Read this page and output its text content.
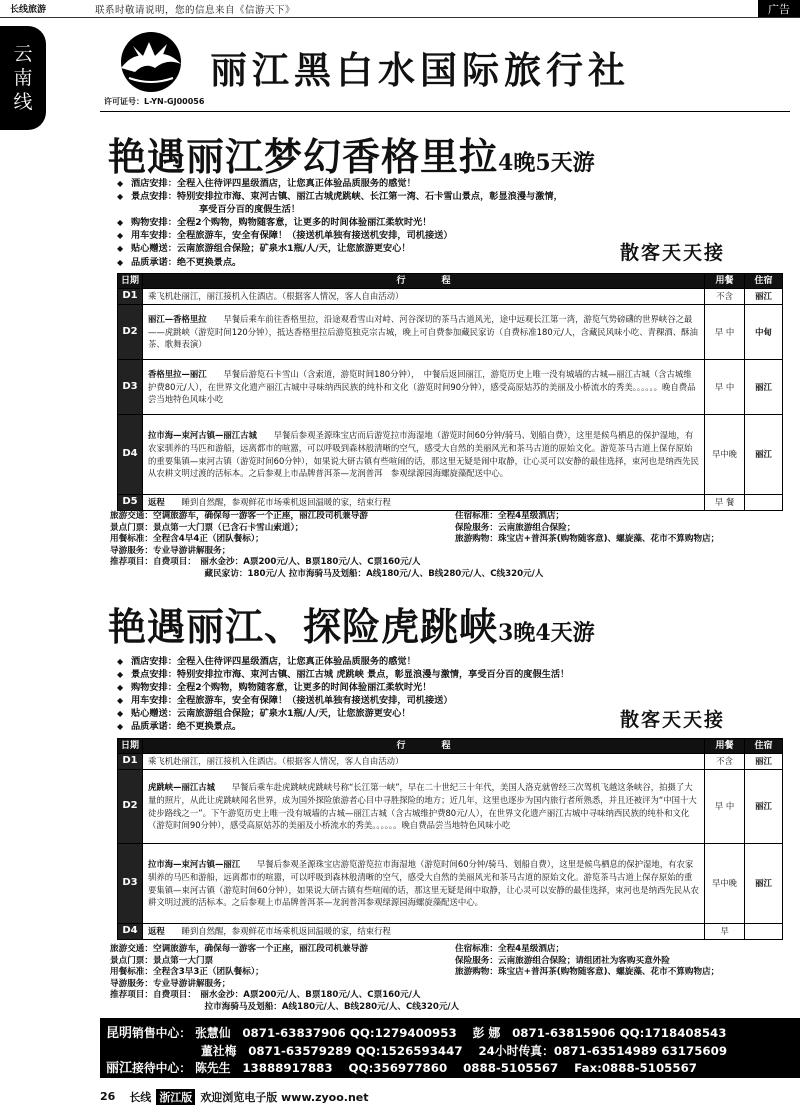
长线旅游	联系时敬请说明，您的信息来自《信游天下》	广告
云
南
线
丽江黑白水国际旅行社
许可证号：L-YN-GJ00056
艳遇丽江梦幻香格里拉4晚5天游
◆ 酒店安排：全程入住待评四星级酒店，让您真正体验品质服务的感觉！
◆ 景点安排：特别安排拉市海、束河古镇、丽江古城虎跳峡、长江第一湾、石卡雪山景点，彰显浪漫与激情，
享受百分百的度假生活！
◆ 购物安排：全程2个购物，购物随客意，让更多的时间体验丽江柔软时光！
◆ 用车安排：全程旅游车，安全有保障！（接送机单独有接送机安排，司机接送）
◆ 贴心赠送：云南旅游组合保险；矿泉水1瓶/人/天，让您旅游更安心！
◆ 品质承诺：绝不更换景点。	散客天天接
日期	行　　　　程	用餐	住宿
D1	乘飞机赴丽江，丽江接机入住酒店。（根据客人情况，客人自由活动）	不含	丽江
D2	丽江—香格里拉　　早餐后乘车前往香格里拉，沿途观看雪山对峙、河谷深切的茶马古道风光，途中远观长江第一湾，游览气势磅礴的世界峡谷之最——虎跳峡（游览时间120分钟），抵达香格里拉后游览独克宗古城，晚上可自费参加藏民家访（自费标准180元/人，含藏民风味小吃、青稞酒、酥油茶、歌舞表演）	早 中	中甸
D3	香格里拉—丽江　　早餐后游览石卡雪山（含索道，游览时间180分钟），　中餐后返回丽江，游览历史上唯一没有城墙的古城—丽江古城（含古城维护费80元/人），在世界文化遗产丽江古城中寻味纳西民族的纯朴和文化（游览时间90分钟），感受高原姑苏的美丽及小桥流水的秀美。。。。。。晚自费品尝当地特色风味小吃	早 中	丽江
D4	拉市海—束河古镇—丽江古城　　早餐后参观圣源珠宝店而后游览拉市海湿地（游览时间60分钟/骑马、划船自费），这里是候鸟栖息的保护湿地，有农家驯养的马匹和游船，远离都市的喧嚣，可以呼吸到森林般清晰的空气，感受大自然的美丽风光和茶马古道的原始文化。游览茶马古道上保存原始的重要集镇—束河古镇（游览时间60分钟），如果说大研古镇有些喧闹的话，那这里无疑是闹中取静，让心灵可以安静的最佳选择，束河也是纳西先民从农耕文明过渡的活标本。之后参观上市品牌普洱茶—龙润普洱　参观绿源园海螺旋藻配送中心。	早中晚	丽江
D5	返程　　睡到自然醒，参观鲜花市场乘机返回温暖的家，结束行程	早 餐	
旅游交通：空调旅游车，确保每一游客一个正座，丽江段司机兼导游	住宿标准：全程4星级酒店；
景点门票：景点第一大门票（已含石卡雪山索道）；	保险服务：云南旅游组合保险；
用餐标准：全程含4早4正（团队餐标）；	旅游购物：珠宝店+普洱茶(购物随客意)、螺旋藻、花市不算购物店；
导游服务：专业导游讲解服务；
推荐项目：自费项目：　丽水金沙：A票200元/人、B票180元/人、C票160元/人
　　　　　　　　　　　藏民家访：180元/人 拉市海骑马及划船：A线180元/人、B线280元/人、C线320元/人
艳遇丽江、探险虎跳峡3晚4天游
◆ 酒店安排：全程入住待评四星级酒店，让您真正体验品质服务的感觉！
◆ 景点安排：特别安排拉市海、束河古镇、丽江古城 虎跳峡 景点，彰显浪漫与激情，享受百分百的度假生活！
◆ 购物安排：全程2个购物，购物随客意，让更多的时间体验丽江柔软时光！
◆ 用车安排：全程旅游车，安全有保障！（接送机单独有接送机安排，司机接送）
◆ 贴心赠送：云南旅游组合保险；矿泉水1瓶/人/天，让您旅游更安心！
◆ 品质承诺：绝不更换景点。	散客天天接
日期	行　　　　程	用餐	住宿
D1	乘飞机赴丽江，丽江接机入住酒店。（根据客人情况，客人自由活动）	不含	丽江
D2	虎跳峡—丽江古城　　早餐后乘车赴虎跳峡虎跳峡号称“长江第一峡”，早在二十世纪三十年代，美国人洛克就曾经三次驾机飞越这条峡谷，拍摄了大量的照片，从此让虎跳峡闻名世界，成为国外探险旅游者心目中寻胜探险的地方；近几年，这里也逐步为国内旅行者所熟悉，并且还被评为“中国十大徒步路线之一”。下午游览历史上唯一没有城墙的古城—丽江古城（含古城维护费80元/人），在世界文化遗产丽江古城中寻味纳西民族的纯朴和文化（游览时间90分钟），感受高原姑苏的美丽及小桥流水的秀美。。。。。。晚自费品尝当地特色风味小吃	早 中	丽江
D3	拉市海—束河古镇—丽江　　早餐后参观圣源珠宝店游览游览拉市海湿地（游览时间60分钟/骑马、划船自费），这里是候鸟栖息的保护湿地，有农家驯养的马匹和游船，远离都市的喧嚣，可以呼吸到森林般清晰的空气，感受大自然的美丽风光和茶马古道的原始文化。游览茶马古道上保存原始的重要集镇—束河古镇（游览时间60分钟），如果说大研古镇有些喧闹的话，那这里无疑是闹中取静，让心灵可以安静的最佳选择，束河也是纳西先民从农耕文明过渡的活标本。之后参观上市品牌普洱茶—龙润普洱参观绿源园海螺旋藻配送中心。	早中晚	丽江
D4	返程　　睡到自然醒，参观鲜花市场乘机返回温暖的家，结束行程	早	
旅游交通：空调旅游车，确保每一游客一个正座，丽江段司机兼导游	住宿标准：全程4星级酒店；
景点门票：景点第一大门票	保险服务：云南旅游组合保险；请组团社为客购买意外险
用餐标准：全程含3早3正（团队餐标）；	旅游购物：珠宝店+普洱茶(购物随客意)、螺旋藻、花市不算购物店；
导游服务：专业导游讲解服务；
推荐项目：自费项目：　丽水金沙：A票200元/人、B票180元/人、C票160元/人
　　　　　　　　　　　拉市海骑马及划船：A线180元/人、B线280元/人、C线320元/人
昆明销售中心： 张慧仙　0871-63837906 QQ:1279400953　 彭 娜　0871-63815906 QQ:1718408543
董社梅　0871-63579289 QQ:1526593447　 24小时传真：0871-63514989 63175609
丽江接待中心： 陈先生　13888917883　 QQ:356977860　 0888-5105567　 Fax:0888-5105567
26 长线 浙江版 欢迎浏览电子版 www.zyoo.net
